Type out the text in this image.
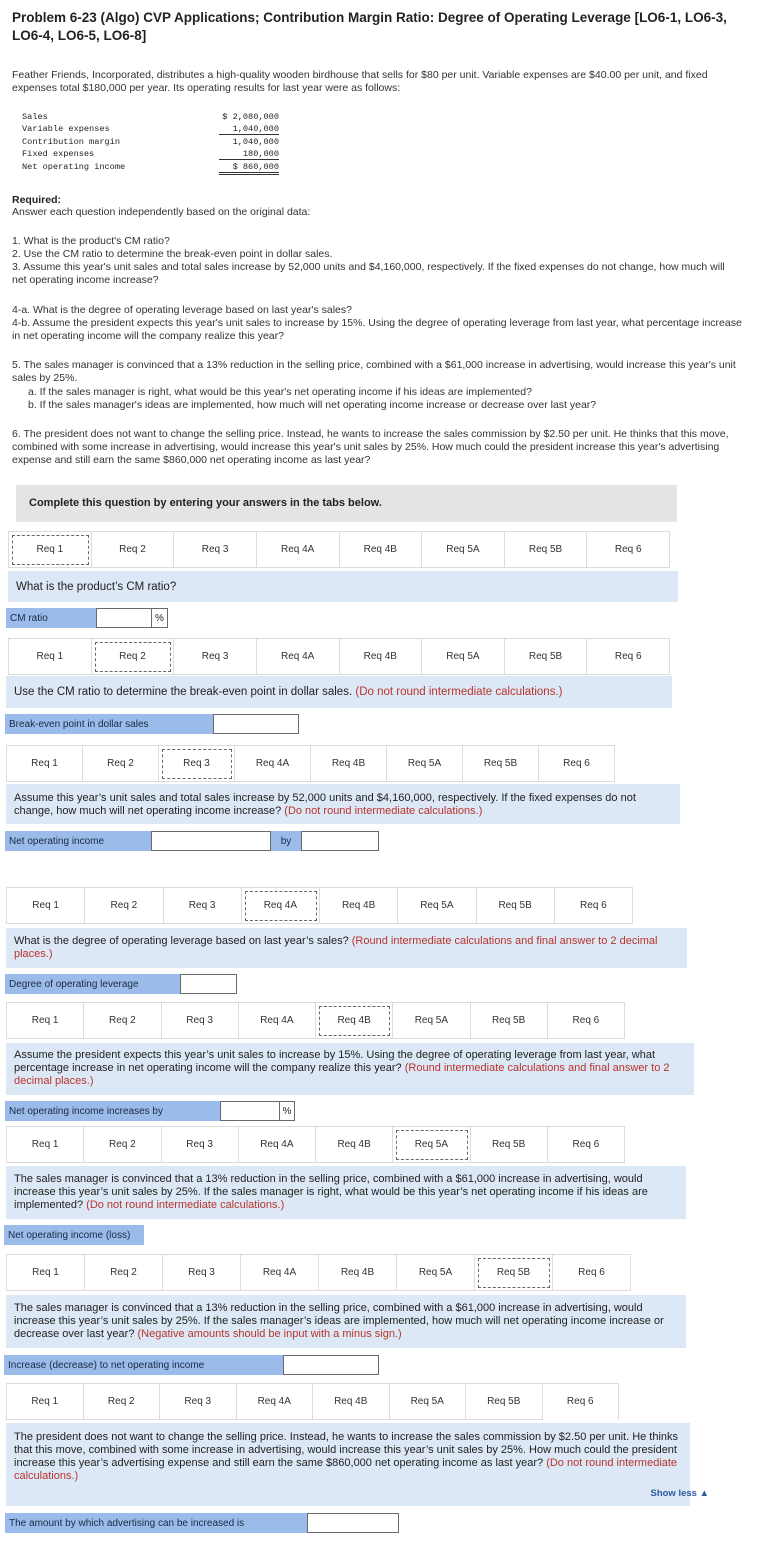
Problem 6-23 (Algo) CVP Applications; Contribution Margin Ratio: Degree of Operating Leverage [LO6-1, LO6-3, LO6-4, LO6-5, LO6-8]
Feather Friends, Incorporated, distributes a high-quality wooden birdhouse that sells for $80 per unit. Variable expenses are $40.00 per unit, and fixed expenses total $180,000 per year. Its operating results for last year were as follows:
Sales	$ 2,080,000
Variable expenses	1,040,000
Contribution margin	1,040,000
Fixed expenses	180,000
Net operating income	$ 860,000
Required:
Answer each question independently based on the original data:
1. What is the product's CM ratio?
2. Use the CM ratio to determine the break-even point in dollar sales.
3. Assume this year's unit sales and total sales increase by 52,000 units and $4,160,000, respectively. If the fixed expenses do not change, how much will net operating income increase?
4-a. What is the degree of operating leverage based on last year's sales?
4-b. Assume the president expects this year's unit sales to increase by 15%. Using the degree of operating leverage from last year, what percentage increase in net operating income will the company realize this year?
5. The sales manager is convinced that a 13% reduction in the selling price, combined with a $61,000 increase in advertising, would increase this year's unit sales by 25%.
a. If the sales manager is right, what would be this year's net operating income if his ideas are implemented?
b. If the sales manager's ideas are implemented, how much will net operating income increase or decrease over last year?
6. The president does not want to change the selling price. Instead, he wants to increase the sales commission by $2.50 per unit. He thinks that this move, combined with some increase in advertising, would increase this year's unit sales by 25%. How much could the president increase this year's advertising expense and still earn the same $860,000 net operating income as last year?
Complete this question by entering your answers in the tabs below.
Req 1	Req 2	Req 3	Req 4A	Req 4B	Req 5A	Req 5B	Req 6
What is the product’s CM ratio?
CM ratio	%
Req 1	Req 2	Req 3	Req 4A	Req 4B	Req 5A	Req 5B	Req 6
Use the CM ratio to determine the break-even point in dollar sales. (Do not round intermediate calculations.)
Break-even point in dollar sales
Req 1	Req 2	Req 3	Req 4A	Req 4B	Req 5A	Req 5B	Req 6
Assume this year’s unit sales and total sales increase by 52,000 units and $4,160,000, respectively. If the fixed expenses do not change, how much will net operating income increase? (Do not round intermediate calculations.)
Net operating income	by
Req 1	Req 2	Req 3	Req 4A	Req 4B	Req 5A	Req 5B	Req 6
What is the degree of operating leverage based on last year’s sales? (Round intermediate calculations and final answer to 2 decimal places.)
Degree of operating leverage
Req 1	Req 2	Req 3	Req 4A	Req 4B	Req 5A	Req 5B	Req 6
Assume the president expects this year’s unit sales to increase by 15%. Using the degree of operating leverage from last year, what percentage increase in net operating income will the company realize this year? (Round intermediate calculations and final answer to 2 decimal places.)
Net operating income increases by	%
Req 1	Req 2	Req 3	Req 4A	Req 4B	Req 5A	Req 5B	Req 6
The sales manager is convinced that a 13% reduction in the selling price, combined with a $61,000 increase in advertising, would increase this year’s unit sales by 25%. If the sales manager is right, what would be this year’s net operating income if his ideas are implemented? (Do not round intermediate calculations.)
Net operating income (loss)
Req 1	Req 2	Req 3	Req 4A	Req 4B	Req 5A	Req 5B	Req 6
The sales manager is convinced that a 13% reduction in the selling price, combined with a $61,000 increase in advertising, would increase this year’s unit sales by 25%. If the sales manager’s ideas are implemented, how much will net operating income increase or decrease over last year? (Negative amounts should be input with a minus sign.)
Increase (decrease) to net operating income
Req 1	Req 2	Req 3	Req 4A	Req 4B	Req 5A	Req 5B	Req 6
The president does not want to change the selling price. Instead, he wants to increase the sales commission by $2.50 per unit. He thinks that this move, combined with some increase in advertising, would increase this year’s unit sales by 25%. How much could the president increase this year’s advertising expense and still earn the same $860,000 net operating income as last year? (Do not round intermediate calculations.)
Show less ▲
The amount by which advertising can be increased is
